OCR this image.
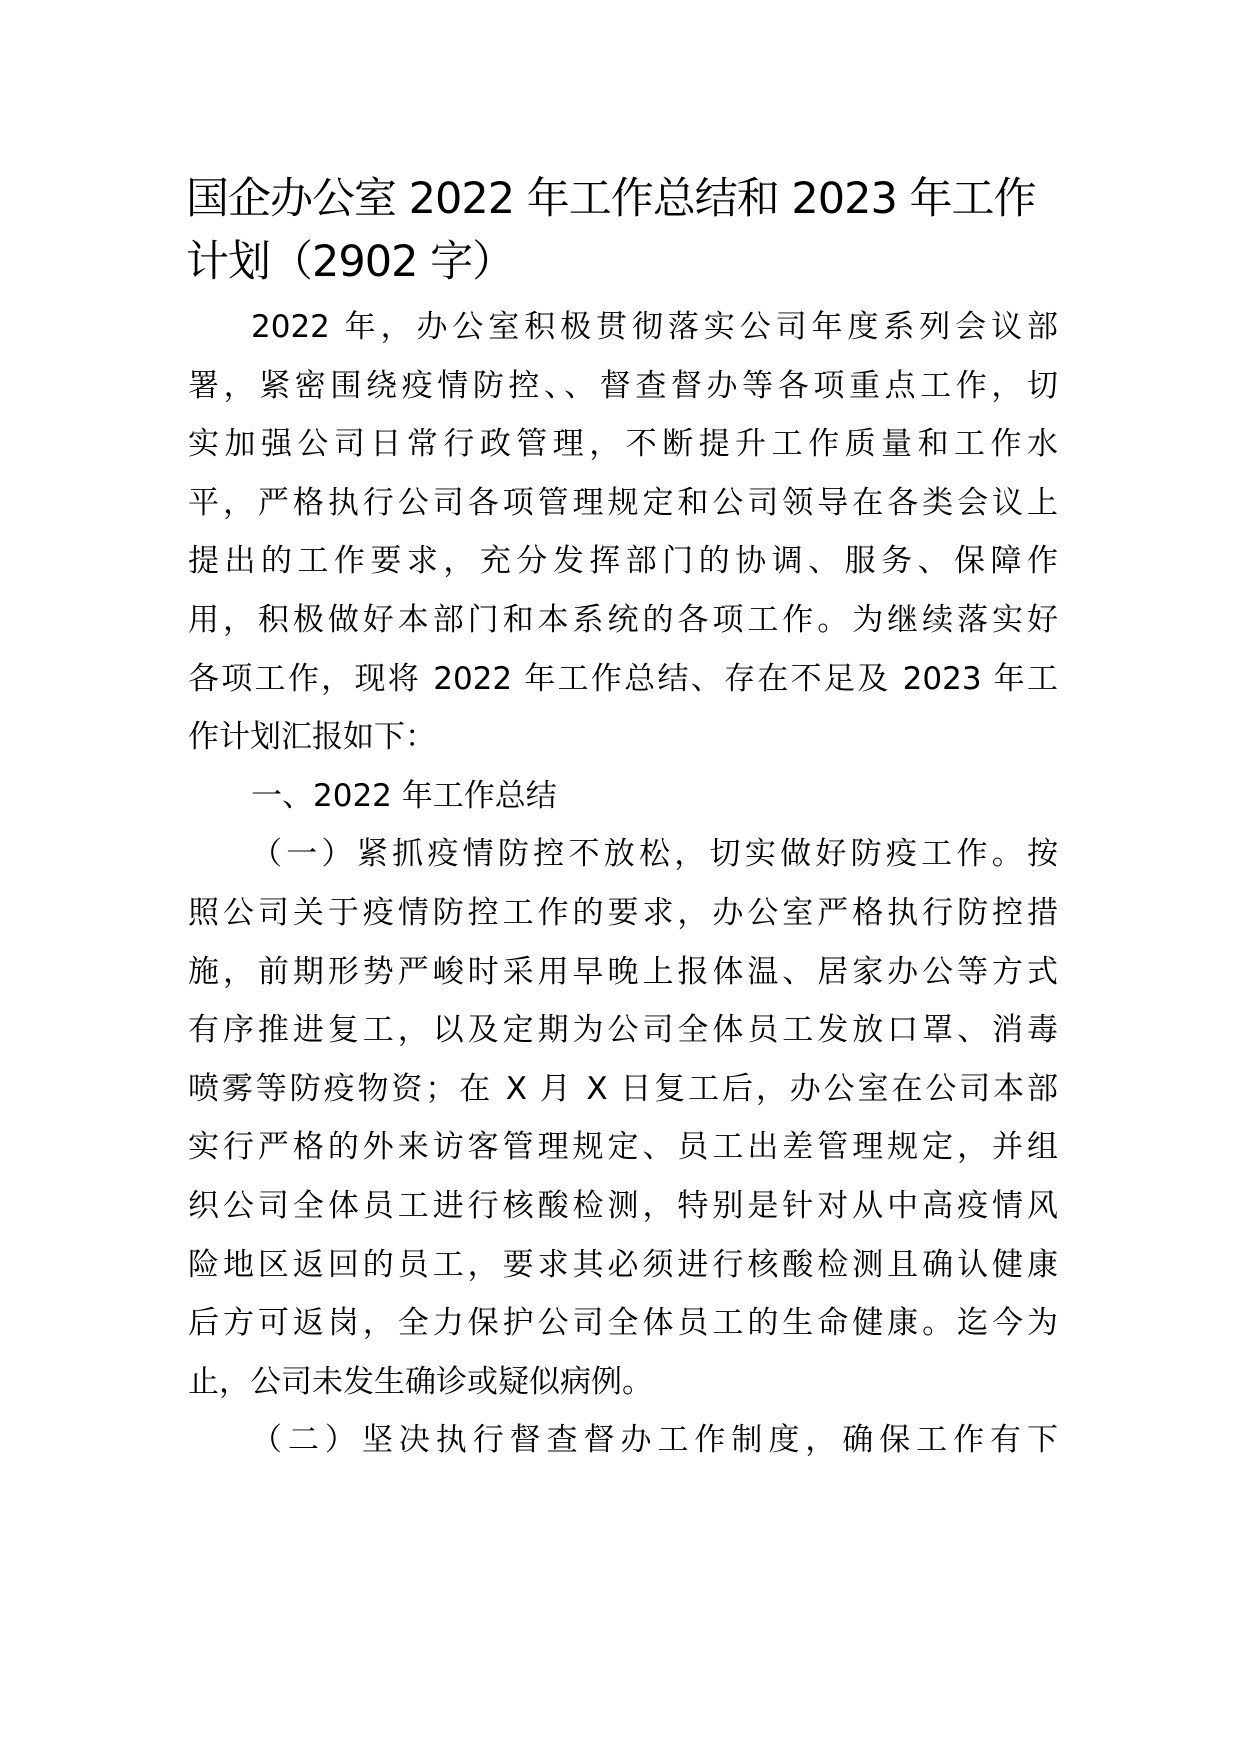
国企办公室 2022 年工作总结和 2023 年工作
计划（2902 字）
2022 年，办公室积极贯彻落实公司年度系列会议部
署，紧密围绕疫情防控、、督查督办等各项重点工作，切
实加强公司日常行政管理，不断提升工作质量和工作水
平，严格执行公司各项管理规定和公司领导在各类会议上
提出的工作要求，充分发挥部门的协调、服务、保障作
用，积极做好本部门和本系统的各项工作。为继续落实好
各项工作，现将 2022 年工作总结、存在不足及 2023 年工
作计划汇报如下：
一、2022 年工作总结
（一）紧抓疫情防控不放松，切实做好防疫工作。按
照公司关于疫情防控工作的要求，办公室严格执行防控措
施，前期形势严峻时采用早晚上报体温、居家办公等方式
有序推进复工，以及定期为公司全体员工发放口罩、消毒
喷雾等防疫物资；在 X 月 X 日复工后，办公室在公司本部
实行严格的外来访客管理规定、员工出差管理规定，并组
织公司全体员工进行核酸检测，特别是针对从中高疫情风
险地区返回的员工，要求其必须进行核酸检测且确认健康
后方可返岗，全力保护公司全体员工的生命健康。迄今为
止，公司未发生确诊或疑似病例。
（二）坚决执行督查督办工作制度，确保工作有下
